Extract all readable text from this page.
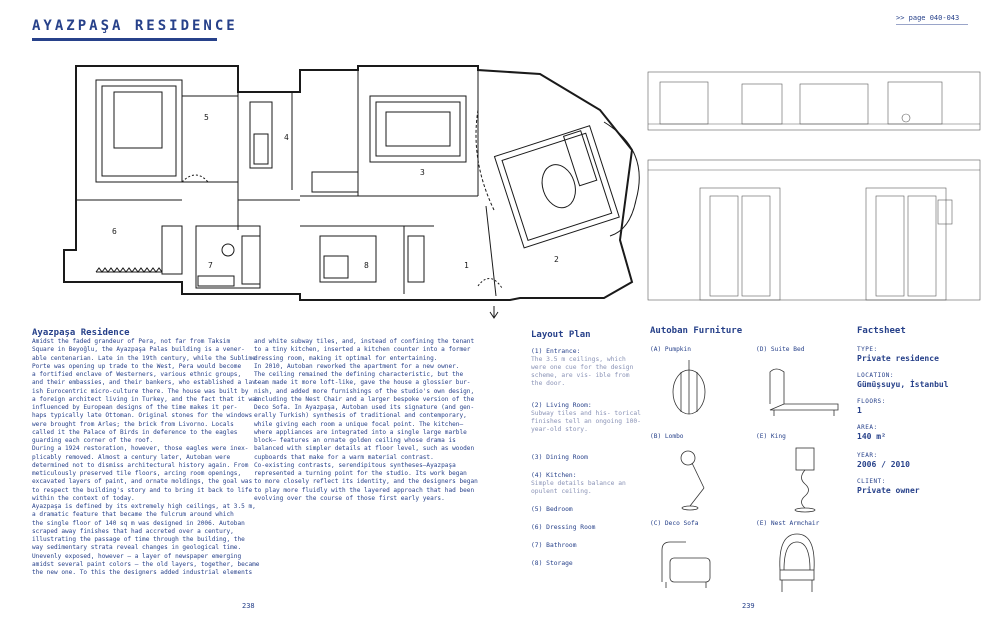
AYAZPAŞA RESIDENCE	>> page 040-043
1
2
3
4
5
6
7	8
Ayazpaşa Residence

Amidst the faded grandeur of Pera, not far from Taksim

Square in Beyoğlu, the Ayazpaşa Palas building is a vener-

able centenarian. Late in the 19th century, while the Sublime

Porte was opening up trade to the West, Pera would become

a fortified enclave of Westerners, various ethnic groups,

and their embassies, and their bankers, who established a lav-

ish Eurocentric micro-culture there. The house was built by

a foreign architect living in Turkey, and the fact that it was

influenced by European designs of the time makes it per-

haps typically late Ottoman. Original stones for the windows

were brought from Arles; the brick from Livorno. Locals

called it the Palace of Birds in deference to the eagles

guarding each corner of the roof.

During a 1924 restoration, however, those eagles were inex-

plicably removed. Almost a century later, Autoban were

determined not to dismiss architectural history again. From

meticulously preserved tile floors, arcing room openings,

excavated layers of paint, and ornate moldings, the goal was

to respect the building's story and to bring it back to life

within the context of today.

Ayazpaşa is defined by its extremely high ceilings, at 3.5 m,

a dramatic feature that became the fulcrum around which

the single floor of 140 sq m was designed in 2006. Autoban

scraped away finishes that had accreted over a century,

illustrating the passage of time through the building, the

way sedimentary strata reveal changes in geological time.

Unevenly exposed, however — a layer of newspaper emerging

amidst several paint colors — the old layers, together, became

the new one. To this the designers added industrial elements

and white subway tiles, and, instead of confining the tenant

to a tiny kitchen, inserted a kitchen counter into a former

dressing room, making it optimal for entertaining.

In 2010, Autoban reworked the apartment for a new owner.

The ceiling remained the defining characteristic, but the

team made it more loft-like, gave the house a glossier bur-

nish, and added more furnishings of the studio's own design,

including the Nest Chair and a larger bespoke version of the

Deco Sofa. In Ayazpaşa, Autoban used its signature (and gen-

erally Turkish) synthesis of traditional and contemporary,

while giving each room a unique focal point. The kitchen—

where appliances are integrated into a single large marble

block— features an ornate golden ceiling whose drama is

balanced with simpler details at floor level, such as wooden

cupboards that make for a warm material contrast.

Co-existing contrasts, serendipitous syntheses—Ayazpaşa

represented a turning point for the studio. Its work began

to more closely reflect its identity, and the designers began

to play more fluidly with the layered approach that had been

evolving over the course of those first early years.

Layout Plan
(1) Entrance:
The 3.5 m ceilings, which were one cue for the design scheme, are vis- ible from the door.
(2) Living Room:
Subway tiles and his- torical finishes tell an ongoing 100-year-old story.
(3) Dining Room
(4) Kitchen:
Simple details balance an opulent ceiling.
(5) Bedroom
(6) Dressing Room
(7) Bathroom
(8) Storage
Autoban Furniture
(A) Pumpkin	(D) Suite Bed
(B) Lombo	(E) King
(C) Deco Sofa	(E) Nest Armchair
Factsheet
TYPE:
Private residence
LOCATION:
Gümüşsuyu, İstanbul
FLOORS:
1
AREA:
140 m²
YEAR:
2006 / 2010
CLIENT:
Private owner
238	239
